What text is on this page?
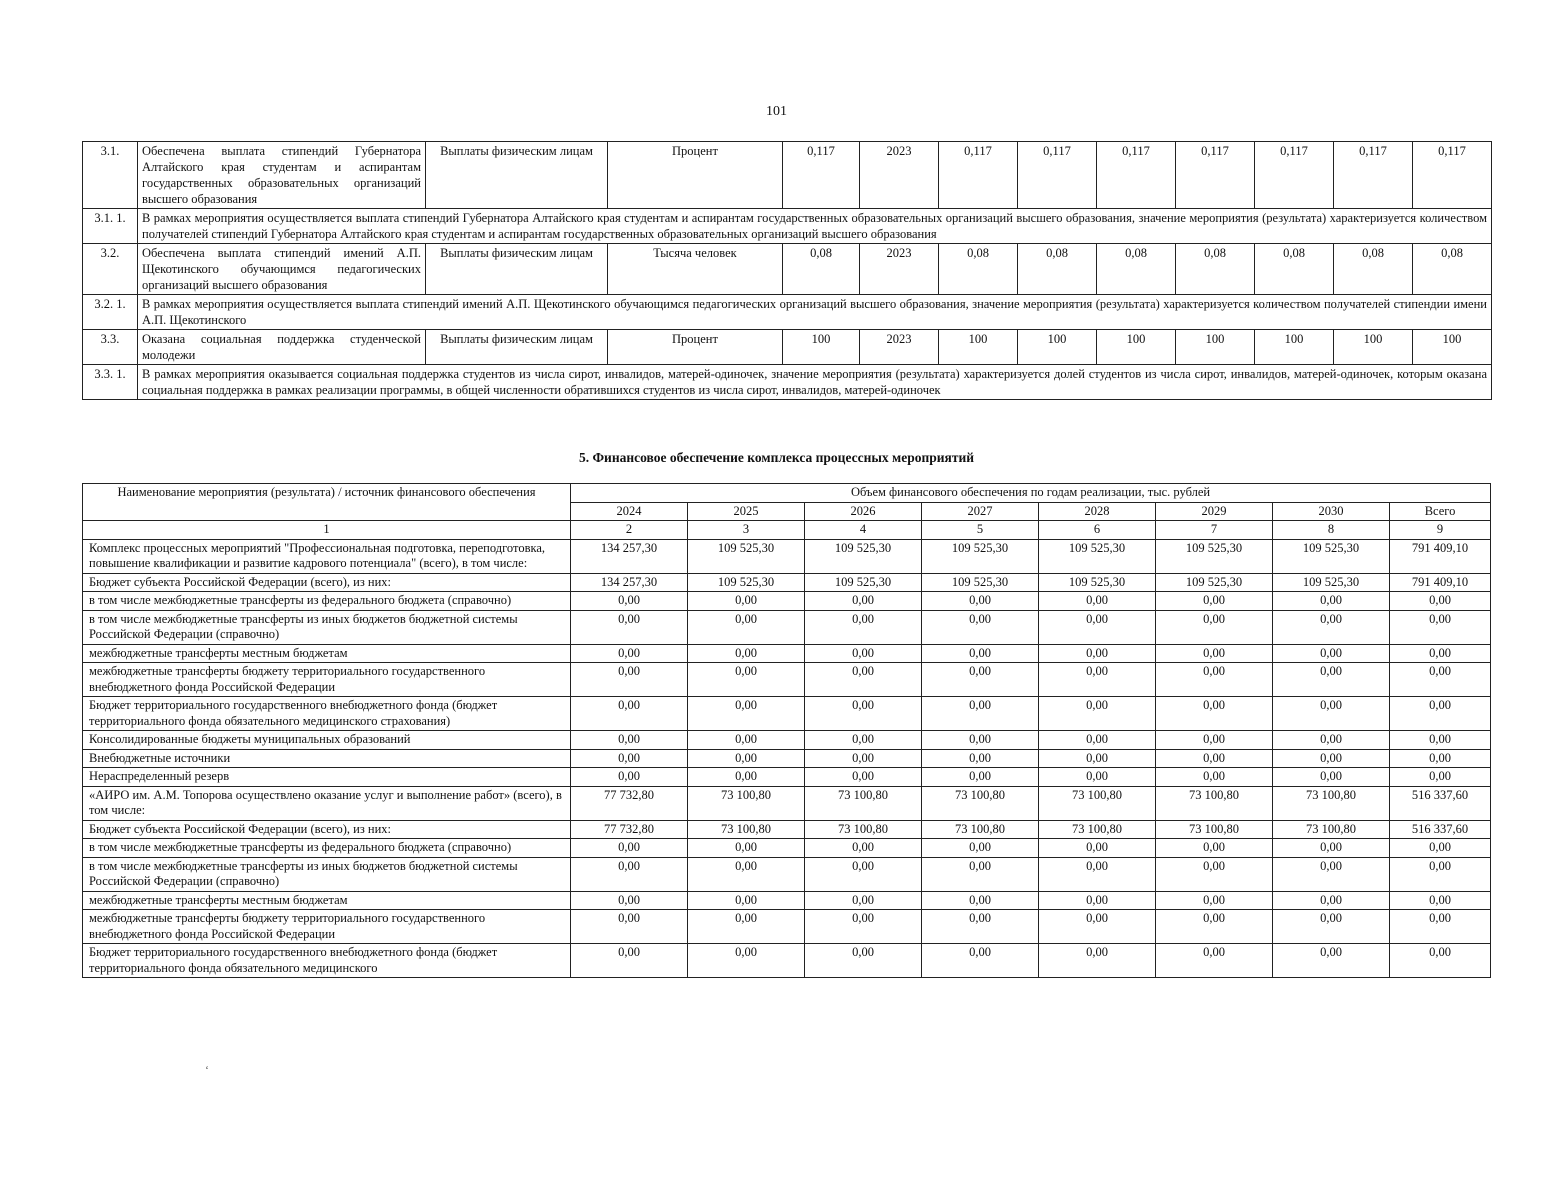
101
3.1.	Обеспечена выплата стипендий Губернатора Алтайского края студентам и аспирантам государственных образовательных организаций высшего образования	Выплаты физическим лицам	Процент	0,117	2023	0,117	0,117	0,117	0,117	0,117	0,117	0,117
3.1. 1.	В рамках мероприятия осуществляется выплата стипендий Губернатора Алтайского края студентам и аспирантам государственных образовательных организаций высшего образования, значение мероприятия (результата) характеризуется количеством получателей стипендий Губернатора Алтайского края студентам и аспирантам государственных образовательных организаций высшего образования											
3.2.	Обеспечена выплата стипендий имений А.П. Щекотинского обучающимся педагогических организаций высшего образования	Выплаты физическим лицам	Тысяча человек	0,08	2023	0,08	0,08	0,08	0,08	0,08	0,08	0,08
3.2. 1.	В рамках мероприятия осуществляется выплата стипендий имений А.П. Щекотинского обучающимся педагогических организаций высшего образования, значение мероприятия (результата) характеризуется количеством получателей стипендии имени А.П. Щекотинского											
3.3.	Оказана социальная поддержка студенческой молодежи	Выплаты физическим лицам	Процент	100	2023	100	100	100	100	100	100	100
3.3. 1.	В рамках мероприятия оказывается социальная поддержка студентов из числа сирот, инвалидов, матерей-одиночек, значение мероприятия (результата) характеризуется долей студентов из числа сирот, инвалидов, матерей-одиночек, которым оказана социальная поддержка в рамках реализации программы, в общей численности обратившихся студентов из числа сирот, инвалидов, матерей-одиночек											
5. Финансовое обеспечение комплекса процессных мероприятий
Наименование мероприятия (результата) / источник финансового обеспечения	Объем финансового обеспечения по годам реализации, тыс. рублей							
	2024	2025	2026	2027	2028	2029	2030	Всего
1	2	3	4	5	6	7	8	9
Комплекс процессных мероприятий "Профессиональная подготовка, переподготовка, повышение квалификации и развитие кадрового потенциала" (всего), в том числе:	134 257,30	109 525,30	109 525,30	109 525,30	109 525,30	109 525,30	109 525,30	791 409,10
Бюджет субъекта Российской Федерации (всего), из них:	134 257,30	109 525,30	109 525,30	109 525,30	109 525,30	109 525,30	109 525,30	791 409,10
в том числе межбюджетные трансферты из федерального бюджета (справочно)	0,00	0,00	0,00	0,00	0,00	0,00	0,00	0,00
в том числе межбюджетные трансферты из иных бюджетов бюджетной системы Российской Федерации (справочно)	0,00	0,00	0,00	0,00	0,00	0,00	0,00	0,00
межбюджетные трансферты местным бюджетам	0,00	0,00	0,00	0,00	0,00	0,00	0,00	0,00
межбюджетные трансферты бюджету территориального государственного внебюджетного фонда Российской Федерации	0,00	0,00	0,00	0,00	0,00	0,00	0,00	0,00
Бюджет территориального государственного внебюджетного фонда (бюджет территориального фонда обязательного медицинского страхования)	0,00	0,00	0,00	0,00	0,00	0,00	0,00	0,00
Консолидированные бюджеты муниципальных образований	0,00	0,00	0,00	0,00	0,00	0,00	0,00	0,00
Внебюджетные источники	0,00	0,00	0,00	0,00	0,00	0,00	0,00	0,00
Нераспределенный резерв	0,00	0,00	0,00	0,00	0,00	0,00	0,00	0,00
«АИРО им. А.М. Топорова осуществлено оказание услуг и выполнение работ» (всего), в том числе:	77 732,80	73 100,80	73 100,80	73 100,80	73 100,80	73 100,80	73 100,80	516 337,60
Бюджет субъекта Российской Федерации (всего), из них:	77 732,80	73 100,80	73 100,80	73 100,80	73 100,80	73 100,80	73 100,80	516 337,60
в том числе межбюджетные трансферты из федерального бюджета (справочно)	0,00	0,00	0,00	0,00	0,00	0,00	0,00	0,00
в том числе межбюджетные трансферты из иных бюджетов бюджетной системы Российской Федерации (справочно)	0,00	0,00	0,00	0,00	0,00	0,00	0,00	0,00
межбюджетные трансферты местным бюджетам	0,00	0,00	0,00	0,00	0,00	0,00	0,00	0,00
межбюджетные трансферты бюджету территориального государственного внебюджетного фонда Российской Федерации	0,00	0,00	0,00	0,00	0,00	0,00	0,00	0,00
Бюджет территориального государственного внебюджетного фонда (бюджет территориального фонда обязательного медицинского	0,00	0,00	0,00	0,00	0,00	0,00	0,00	0,00
‘
